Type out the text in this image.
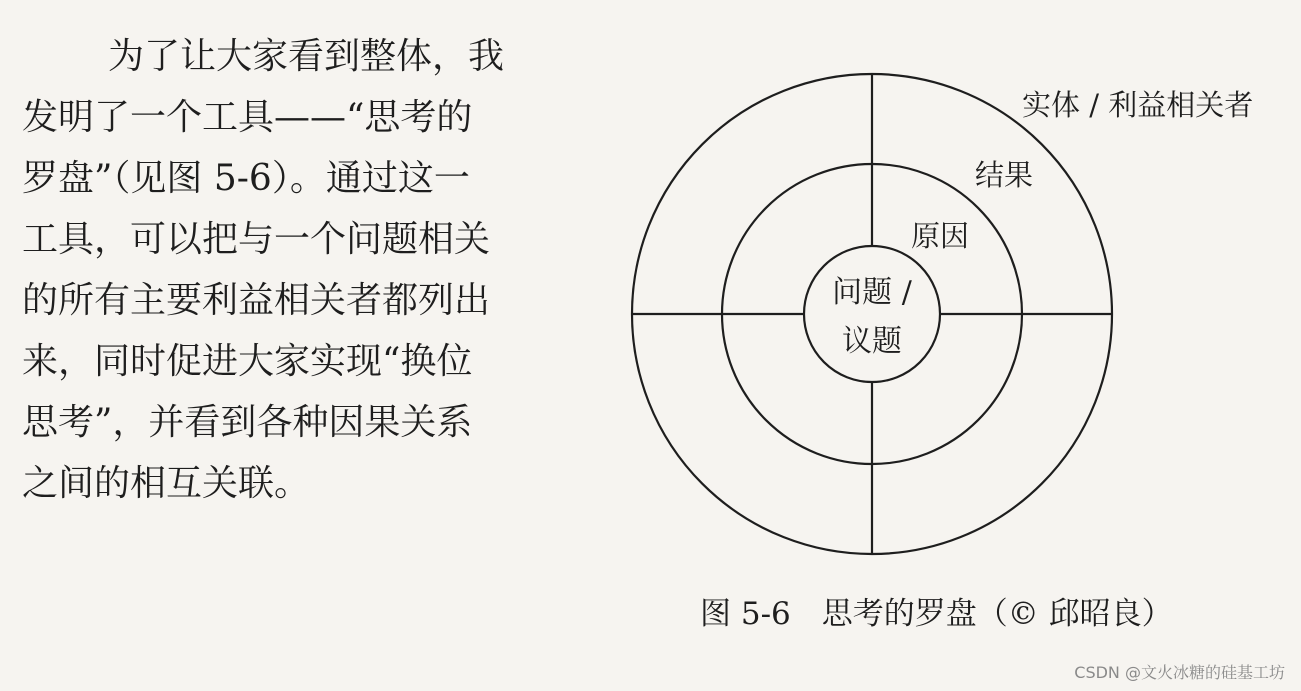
为了让大家看到整体，我
发明了一个工具——“思考的
罗盘”（见图 5-6）。通过这一
工具，可以把与一个问题相关
的所有主要利益相关者都列出
来，同时促进大家实现“换位
思考”，并看到各种因果关系
之间的相互关联。
实体 / 利益相关者
结果
原因
问题 /
议题
图 5-6　思考的罗盘（© 邱昭良）
CSDN @文火冰糖的硅基工坊
